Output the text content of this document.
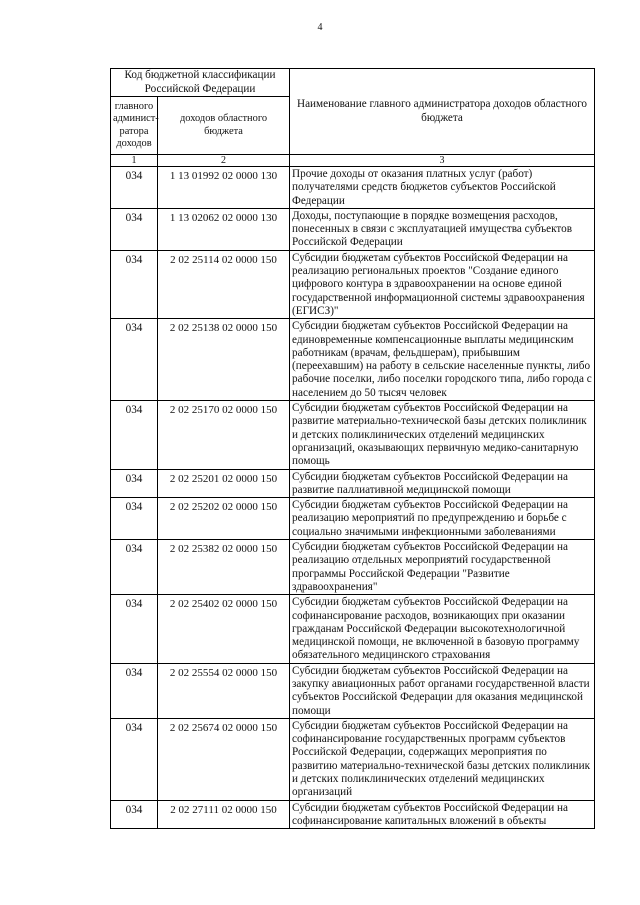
4
Код бюджетной классификации Российской Федерации		Наименование главного администратора доходов областного бюджета
главного админист-ратора доходов	доходов областного бюджета	
1	2	3
034	1 13 01992 02 0000 130	Прочие доходы от оказания платных услуг (работ) получателями средств бюджетов субъектов Российской Федерации
034	1 13 02062 02 0000 130	Доходы, поступающие в порядке возмещения расходов, понесенных в связи с эксплуатацией имущества субъектов Российской Федерации
034	2 02 25114 02 0000 150	Субсидии бюджетам субъектов Российской Федерации на реализацию региональных проектов "Создание единого цифрового контура в здравоохранении на основе единой государственной информационной системы здравоохранения (ЕГИСЗ)"
034	2 02 25138 02 0000 150	Субсидии бюджетам субъектов Российской Федерации на единовременные компенсационные выплаты медицинским работникам (врачам, фельдшерам), прибывшим (переехавшим) на работу в сельские населенные пункты, либо рабочие поселки, либо поселки городского типа, либо города с населением до 50 тысяч человек
034	2 02 25170 02 0000 150	Субсидии бюджетам субъектов Российской Федерации на развитие материально-технической базы детских поликлиник и детских поликлинических отделений медицинских организаций, оказывающих первичную медико-санитарную помощь
034	2 02 25201 02 0000 150	Субсидии бюджетам субъектов Российской Федерации на развитие паллиативной медицинской помощи
034	2 02 25202 02 0000 150	Субсидии бюджетам субъектов Российской Федерации на реализацию мероприятий по предупреждению и борьбе с социально значимыми инфекционными заболеваниями
034	2 02 25382 02 0000 150	Субсидии бюджетам субъектов Российской Федерации на реализацию отдельных мероприятий государственной программы Российской Федерации "Развитие здравоохранения"
034	2 02 25402 02 0000 150	Субсидии бюджетам субъектов Российской Федерации на софинансирование расходов, возникающих при оказании гражданам Российской Федерации высокотехнологичной медицинской помощи, не включенной в базовую программу обязательного медицинского страхования
034	2 02 25554 02 0000 150	Субсидии бюджетам субъектов Российской Федерации на закупку авиационных работ органами государственной власти субъектов Российской Федерации для оказания медицинской помощи
034	2 02 25674 02 0000 150	Субсидии бюджетам субъектов Российской Федерации на софинансирование государственных программ субъектов Российской Федерации, содержащих мероприятия по развитию материально-технической базы детских поликлиник и детских поликлинических отделений медицинских организаций
034	2 02 27111 02 0000 150	Субсидии бюджетам субъектов Российской Федерации на софинансирование капитальных вложений в объекты
